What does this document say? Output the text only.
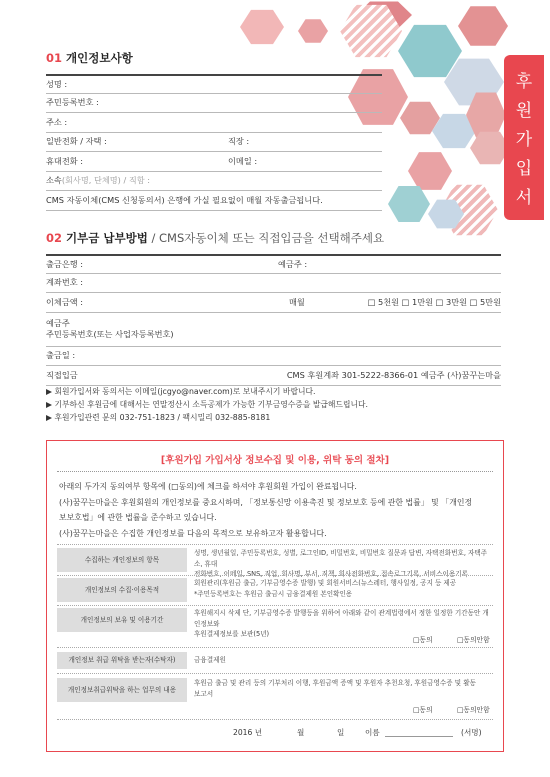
후
원
가
입
서
01 개인정보사항
성명 :
주민등록번호 :
주소 :
일반전화 / 자택 :	직장 :
휴대전화 :	이메일 :
소속 (회사명, 단체명) / 직함 :
CMS 자동이체(CMS 신청동의서) 은행에 가실 필요없이 매월 자동출금됩니다.
02 기부금 납부방법 / CMS자동이체 또는 직접입금을 선택해주세요
출금은행 :	예금주 :
계좌번호 :
이체금액 :	매월	□ 5천원 □ 1만원 □ 3만원 □ 5만원
예금주
주민등록번호(또는 사업자등록번호)
출금일 :
직접입금	CMS 후원계좌 301-5222-8366-01 예금주 (사)꿈꾸는마을
▶ 회원가입서와 동의서는 이메일(jcgyo@naver.com)로 보내주시기 바랍니다.
▶ 기부하신 후원금에 대해서는 연말정산시 소득공제가 가능한 기부금영수증을 발급해드립니다.
▶ 후원가입관련 문의 032-751-1823 / 팩시밀리 032-885-8181
[후원가입 가입서상 정보수집 및 이용, 위탁 동의 절차]
아래의 두가지 동의여부 항목에 (□동의)에 체크를 하셔야 후원회원 가입이 완료됩니다.
(사)꿈꾸는마을은 후원회원의 개인정보를 중요시하며, 「정보통신망 이용촉진 및 정보보호 등에 관한 법률」 및 「개인정
보보호법」에 관한 법률을 준수하고 있습니다.
(사)꿈꾸는마을은 수집한 개인정보를 다음의 목적으로 보유하고자 활용합니다.
수집하는 개인정보의 항목
성명, 생년월일, 주민등록번호, 성별, 로그인ID, 비밀번호, 비밀번호 질문과 답변, 자택전화번호, 자택주소, 휴대
전화번호, 이메일, SNS, 직업, 회사명, 부서, 직책, 회사전화번호, 접속로그기록, 서비스이용기록
개인정보의 수집·이용목적
회원관리(후원금 출금, 기부금영수증 발행) 및 회원서비스(뉴스레터, 행사일정, 공지 등 제공
*주민등록번호는 후원금 출금시 금융결제원 본인확인용
개인정보의 보유 및 이용기간
후원해지시 삭제 단, 기부금영수증 발행등을 위하여 아래와 같이 관계법령에서 정한 일정한 기간동안 개인정보와
후원결제정보를 보관(5년)
□동의	□동의안함
개인정보 취급 위탁을 받는자(수탁자)	금융결제원
개인정보취급위탁을 하는 업무의 내용
후원금 출금 및 관리 등의 기부처리 이행, 후원금액 증액 및 후원자 추천요청, 후원금영수증 및 활동
보고서
□동의	□동의안함
2016 년	월	일	이름	(서명)
